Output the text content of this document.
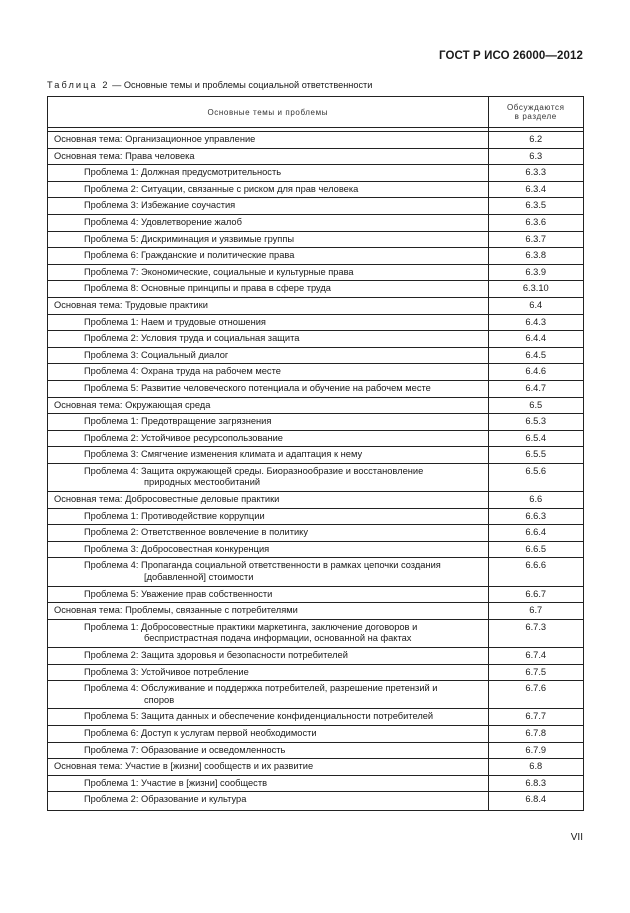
ГОСТ Р ИСО 26000—2012
Таблица 2 — Основные темы и проблемы социальной ответственности
Основные темы и проблемы	Обсуждаются
в разделе

Основная тема: Организационное управление	6.2
Основная тема: Права человека	6.3
Проблема 1: Должная предусмотрительность	6.3.3
Проблема 2: Ситуации, связанные с риском для прав человека	6.3.4
Проблема 3: Избежание соучастия	6.3.5
Проблема 4: Удовлетворение жалоб	6.3.6
Проблема 5: Дискриминация и уязвимые группы	6.3.7
Проблема 6: Гражданские и политические права	6.3.8
Проблема 7: Экономические, социальные и культурные права	6.3.9
Проблема 8: Основные принципы и права в сфере труда	6.3.10
Основная тема: Трудовые практики	6.4
Проблема 1: Наем и трудовые отношения	6.4.3
Проблема 2: Условия труда и социальная защита	6.4.4
Проблема 3: Социальный диалог	6.4.5
Проблема 4: Охрана труда на рабочем месте	6.4.6
Проблема 5: Развитие человеческого потенциала и обучение на рабочем месте	6.4.7
Основная тема: Окружающая среда	6.5
Проблема 1: Предотвращение загрязнения	6.5.3
Проблема 2: Устойчивое ресурсопользование	6.5.4
Проблема 3: Смягчение изменения климата и адаптация к нему	6.5.5
Проблема 4: Защита окружающей среды. Биоразнообразие и восстановление
природных местообитаний	6.5.6
Основная тема: Добросовестные деловые практики	6.6
Проблема 1: Противодействие коррупции	6.6.3
Проблема 2: Ответственное вовлечение в политику	6.6.4
Проблема 3: Добросовестная конкуренция	6.6.5
Проблема 4: Пропаганда социальной ответственности в рамках цепочки создания
[добавленной] стоимости	6.6.6
Проблема 5: Уважение прав собственности	6.6.7
Основная тема: Проблемы, связанные с потребителями	6.7
Проблема 1: Добросовестные практики маркетинга, заключение договоров и
беспристрастная подача информации, основанной на фактах	6.7.3
Проблема 2: Защита здоровья и безопасности потребителей	6.7.4
Проблема 3: Устойчивое потребление	6.7.5
Проблема 4: Обслуживание и поддержка потребителей, разрешение претензий и
споров	6.7.6
Проблема 5: Защита данных и обеспечение конфиденциальности потребителей	6.7.7
Проблема 6: Доступ к услугам первой необходимости	6.7.8
Проблема 7: Образование и осведомленность	6.7.9
Основная тема: Участие в [жизни] сообществ и их развитие	6.8
Проблема 1: Участие в [жизни] сообществ	6.8.3
Проблема 2: Образование и культура	6.8.4
VII
